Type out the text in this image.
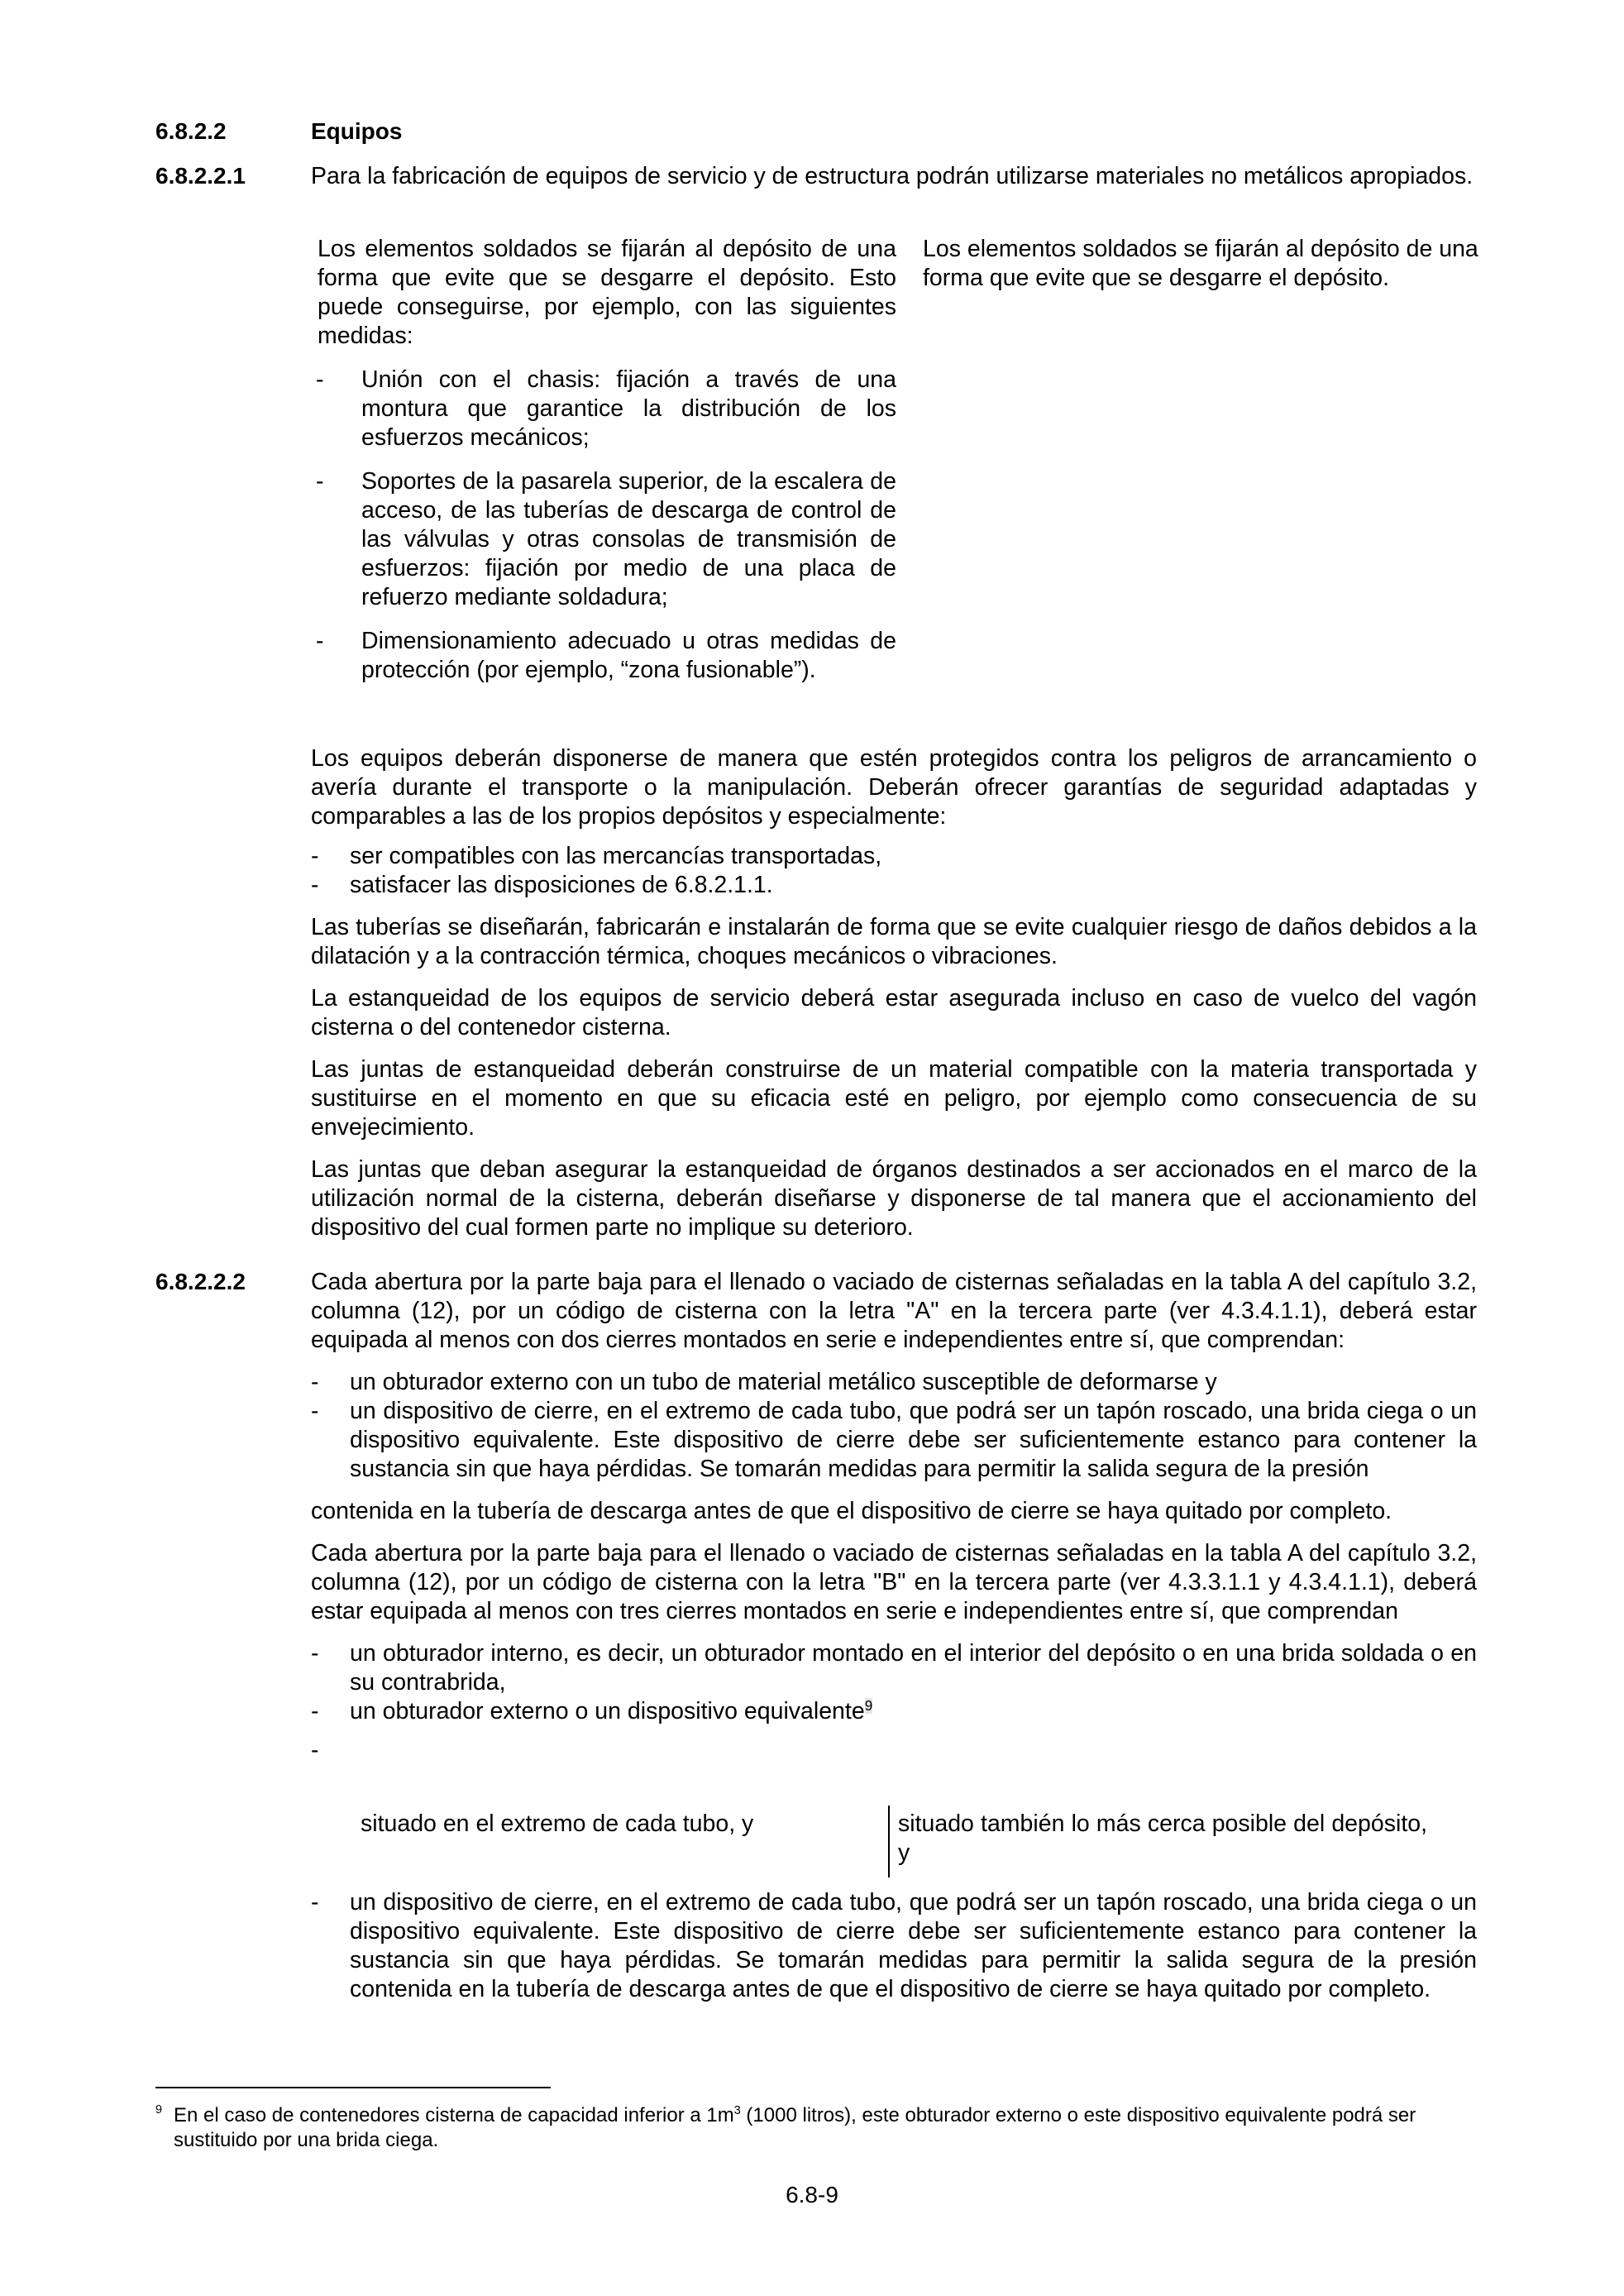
6.8.2.2	Equipos
6.8.2.2.1	Para la fabricación de equipos de servicio y de estructura podrán utilizarse materiales no metálicos apropiados.
Los elementos soldados se fijarán al depósito de una forma que evite que se desgarre el depósito. Esto puede conseguirse, por ejemplo, con las siguientes medidas:
- Unión con el chasis: fijación a través de una montura que garantice la distribución de los esfuerzos mecánicos;
- Soportes de la pasarela superior, de la escalera de acceso, de las tuberías de descarga de control de las válvulas y otras consolas de transmisión de esfuerzos: fijación por medio de una placa de refuerzo mediante soldadura;
- Dimensionamiento adecuado u otras medidas de protección (por ejemplo, “zona fusionable”).
Los elementos soldados se fijarán al depósito de una forma que evite que se desgarre el depósito.
Los equipos deberán disponerse de manera que estén protegidos contra los peligros de arrancamiento o avería durante el transporte o la manipulación. Deberán ofrecer garantías de seguridad adaptadas y comparables a las de los propios depósitos y especialmente:
- ser compatibles con las mercancías transportadas,
- satisfacer las disposiciones de 6.8.2.1.1.
Las tuberías se diseñarán, fabricarán e instalarán de forma que se evite cualquier riesgo de daños debidos a la dilatación y a la contracción térmica, choques mecánicos o vibraciones.
La estanqueidad de los equipos de servicio deberá estar asegurada incluso en caso de vuelco del vagón cisterna o del contenedor cisterna.
Las juntas de estanqueidad deberán construirse de un material compatible con la materia transportada y sustituirse en el momento en que su eficacia esté en peligro, por ejemplo como consecuencia de su envejecimiento.
Las juntas que deban asegurar la estanqueidad de órganos destinados a ser accionados en el marco de la utilización normal de la cisterna, deberán diseñarse y disponerse de tal manera que el accionamiento del dispositivo del cual formen parte no implique su deterioro.
6.8.2.2.2	Cada abertura por la parte baja para el llenado o vaciado de cisternas señaladas en la tabla A del capítulo 3.2, columna (12), por un código de cisterna con la letra "A" en la tercera parte (ver 4.3.4.1.1), deberá estar equipada al menos con dos cierres montados en serie e independientes entre sí, que comprendan:
- un obturador externo con un tubo de material metálico susceptible de deformarse y
- un dispositivo de cierre, en el extremo de cada tubo, que podrá ser un tapón roscado, una brida ciega o un dispositivo equivalente. Este dispositivo de cierre debe ser suficientemente estanco para contener la sustancia sin que haya pérdidas. Se tomarán medidas para permitir la salida segura de la presión
contenida en la tubería de descarga antes de que el dispositivo de cierre se haya quitado por completo.
Cada abertura por la parte baja para el llenado o vaciado de cisternas señaladas en la tabla A del capítulo 3.2, columna (12), por un código de cisterna con la letra "B" en la tercera parte (ver 4.3.3.1.1 y 4.3.4.1.1), deberá estar equipada al menos con tres cierres montados en serie e independientes entre sí, que comprendan
- un obturador interno, es decir, un obturador montado en el interior del depósito o en una brida soldada o en su contrabrida,
- un obturador externo o un dispositivo equivalente$^9$
-
situado en el extremo de cada tubo, y	situado también lo más cerca posible del depósito, y
- un dispositivo de cierre, en el extremo de cada tubo, que podrá ser un tapón roscado, una brida ciega o un dispositivo equivalente. Este dispositivo de cierre debe ser suficientemente estanco para contener la sustancia sin que haya pérdidas. Se tomarán medidas para permitir la salida segura de la presión contenida en la tubería de descarga antes de que el dispositivo de cierre se haya quitado por completo.
9 En el caso de contenedores cisterna de capacidad inferior a $1m^3$ (1000 litros), este obturador externo o este dispositivo equivalente podrá ser sustituido por una brida ciega.
6.8-9
